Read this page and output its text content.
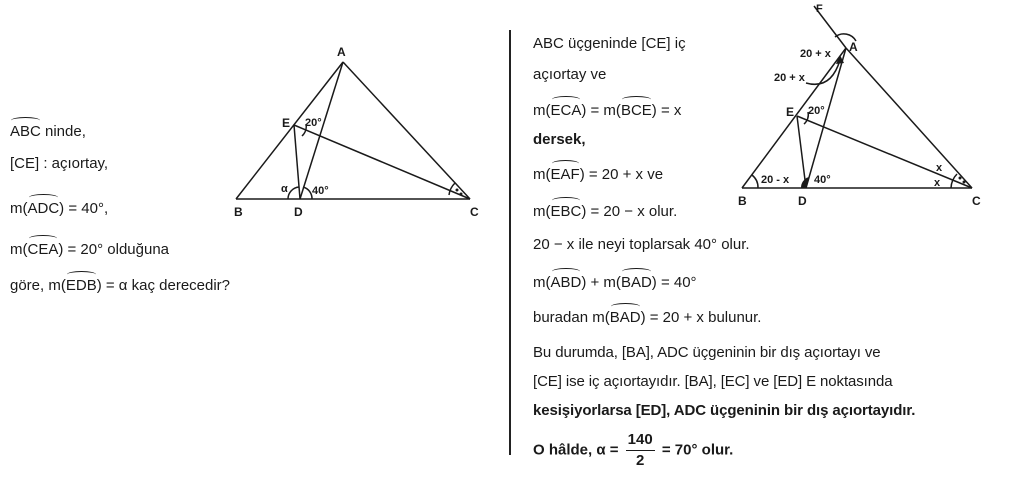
A
B	C
D
E 20°
40°
α
ABC ninde,
[CE] : açıortay,
m(ADC) = 40°,
m(CEA) = 20° olduğuna
göre, m(EDB) = α kaç derecedir?
F
A
B	C
D
E
20 + x
20 + x
20°
20 - x 40°
x
x
ABC üçgeninde [CE] iç
açıortay ve
m(ECA) = m(BCE) = x
dersek,
m(EAF) = 20 + x ve
m(EBC) = 20 − x olur.
20 − x ile neyi toplarsak 40° olur.
m(ABD) + m(BAD) = 40°
buradan m(BAD) = 20 + x bulunur.
Bu durumda, [BA], ADC üçgeninin bir dış açıortayı ve
[CE] ise iç açıortayıdır. [BA], [EC] ve [ED] E noktasında
kesişiyorlarsa [ED], ADC üçgeninin bir dış açıortayıdır.
O hâlde, $\alpha = \frac{140}{2} = 70^\circ$ olur.
